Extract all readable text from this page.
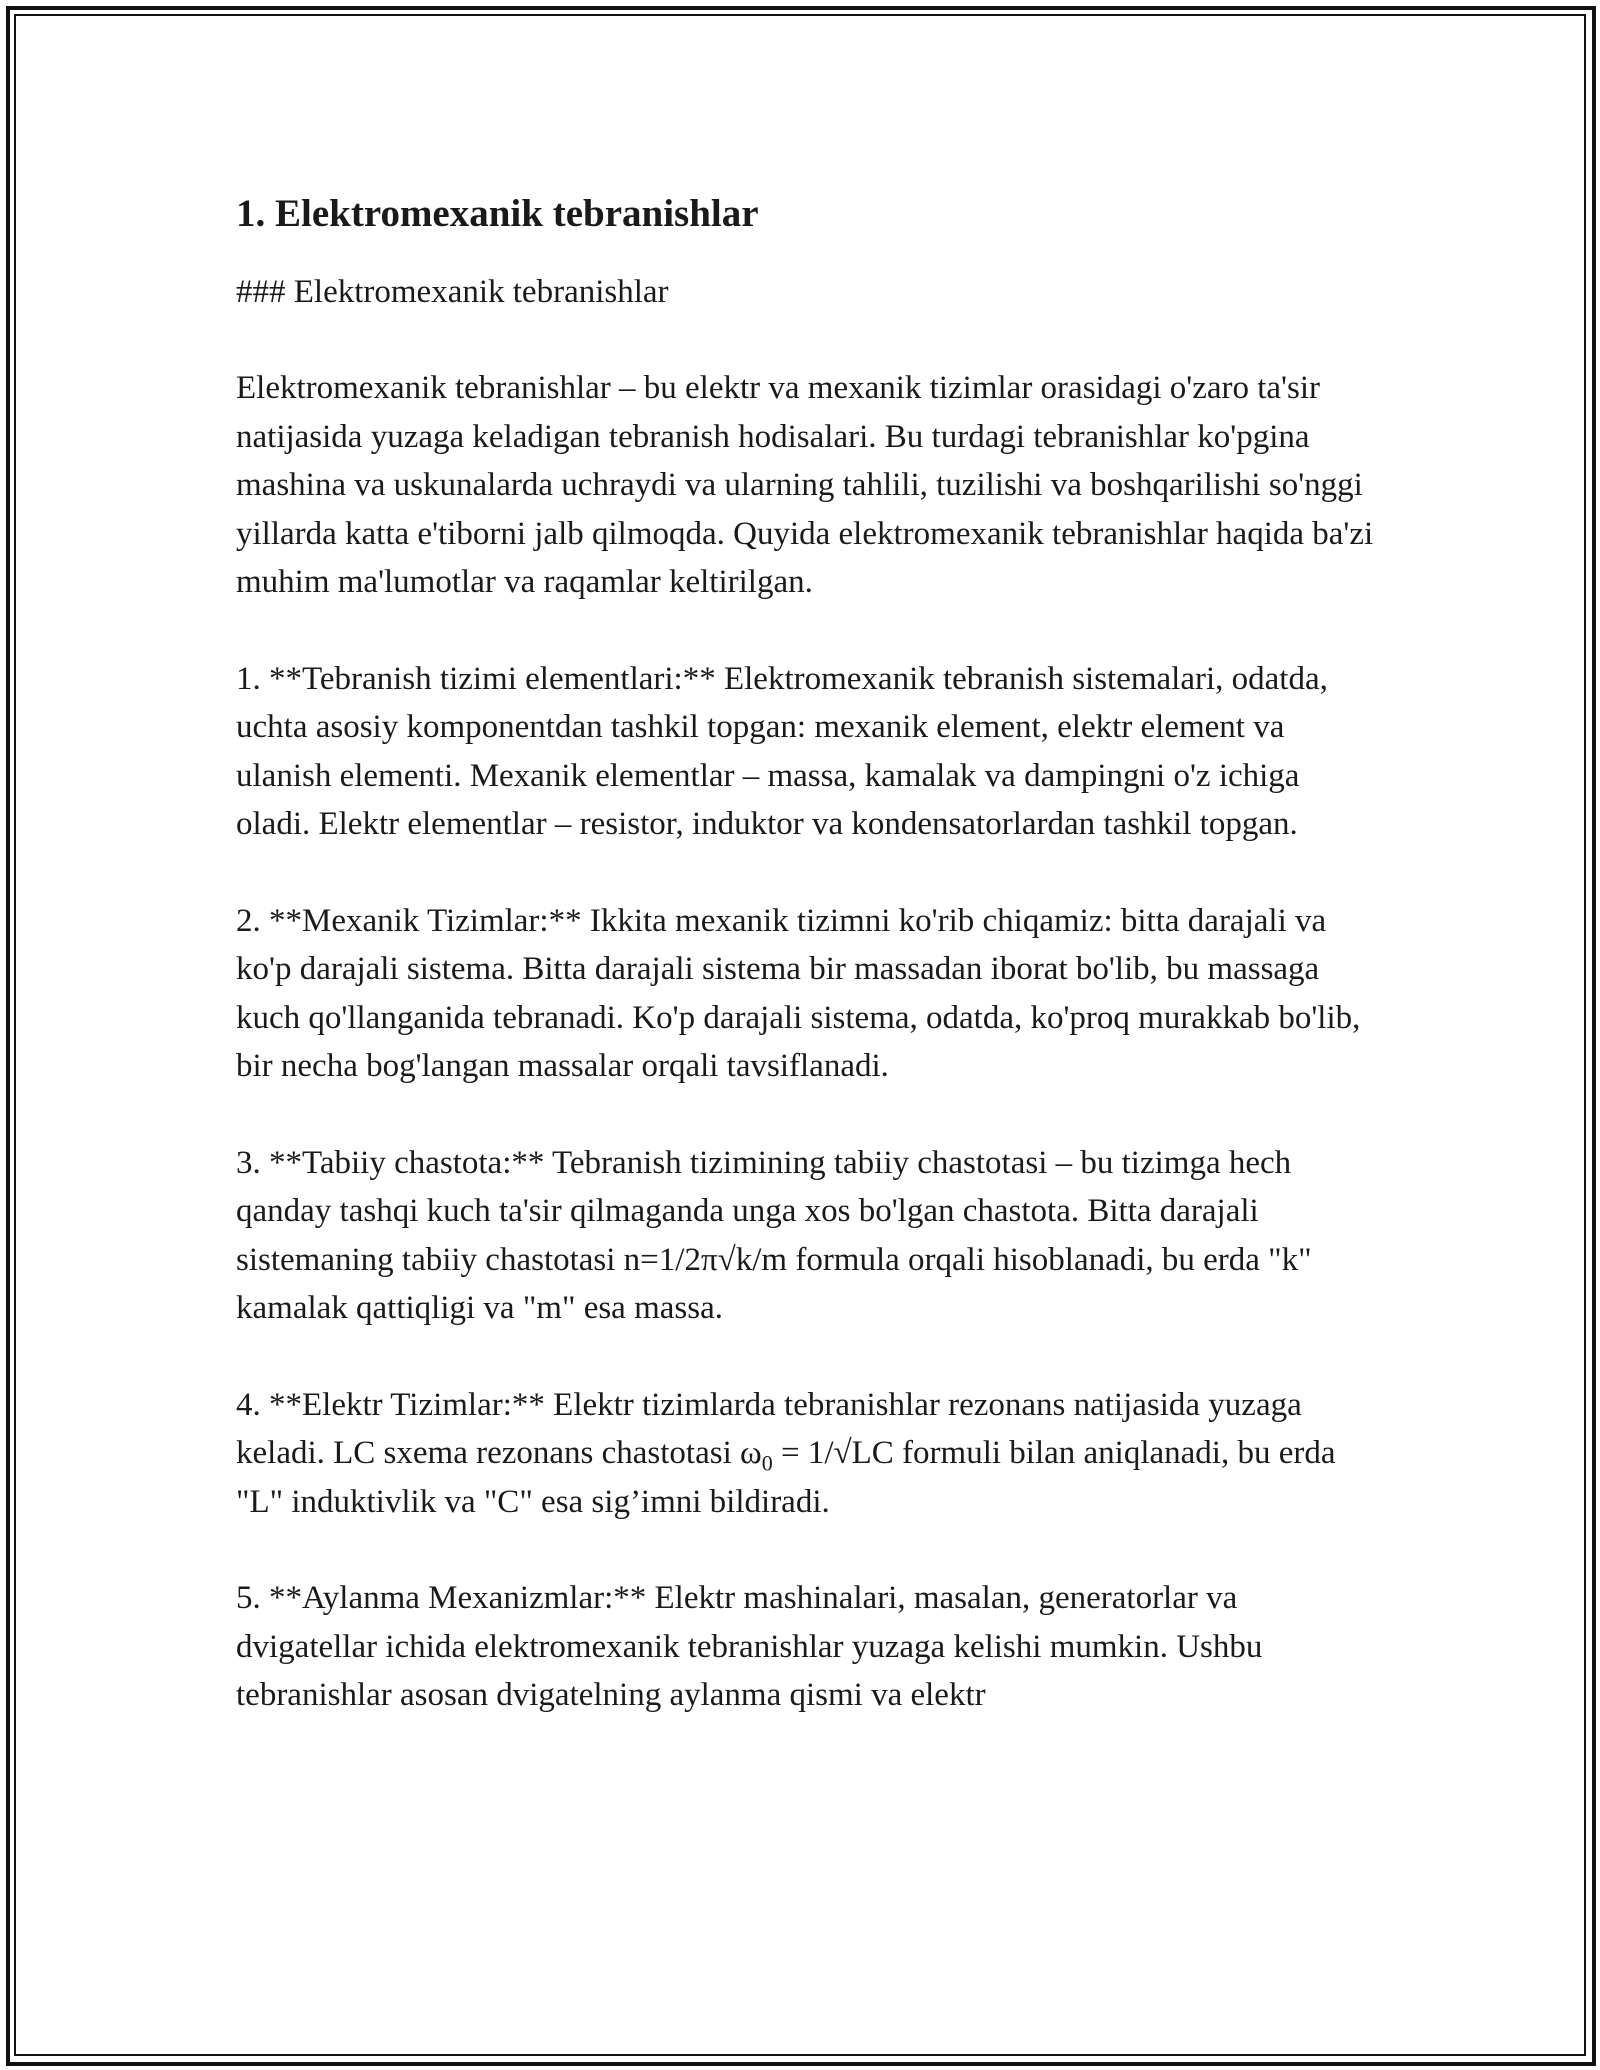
1. Elektromexanik tebranishlar
### Elektromexanik tebranishlar

Elektromexanik tebranishlar – bu elektr va mexanik tizimlar orasidagi o'zaro ta'sir natijasida yuzaga keladigan tebranish hodisalari. Bu turdagi tebranishlar ko'pgina mashina va uskunalarda uchraydi va ularning tahlili, tuzilishi va boshqarilishi so'nggi yillarda katta e'tiborni jalb qilmoqda. Quyida elektromexanik tebranishlar haqida ba'zi muhim ma'lumotlar va raqamlar keltirilgan.

1. **Tebranish tizimi elementlari:** Elektromexanik tebranish sistemalari, odatda, uchta asosiy komponentdan tashkil topgan: mexanik element, elektr element va ulanish elementi. Mexanik elementlar – massa, kamalak va dampingni o'z ichiga oladi. Elektr elementlar – resistor, induktor va kondensatorlardan tashkil topgan.

2. **Mexanik Tizimlar:** Ikkita mexanik tizimni ko'rib chiqamiz: bitta darajali va ko'p darajali sistema. Bitta darajali sistema bir massadan iborat bo'lib, bu massaga kuch qo'llanganida tebranadi. Ko'p darajali sistema, odatda, ko'proq murakkab bo'lib, bir necha bog'langan massalar orqali tavsiflanadi.

3. **Tabiiy chastota:** Tebranish tizimining tabiiy chastotasi – bu tizimga hech qanday tashqi kuch ta'sir qilmaganda unga xos bo'lgan chastota. Bitta darajali sistemaning tabiiy chastotasi n=1/2π√k/m formula orqali hisoblanadi, bu erda "k" kamalak qattiqligi va "m" esa massa.

4. **Elektr Tizimlar:** Elektr tizimlarda tebranishlar rezonans natijasida yuzaga keladi. LC sxema rezonans chastotasi $\omega_0 = 1/√LC$ formuli bilan aniqlanadi, bu erda "L" induktivlik va "C" esa sig’imni bildiradi.

5. **Aylanma Mexanizmlar:** Elektr mashinalari, masalan, generatorlar va dvigatellar ichida elektromexanik tebranishlar yuzaga kelishi mumkin. Ushbu tebranishlar asosan dvigatelning aylanma qismi va elektr
